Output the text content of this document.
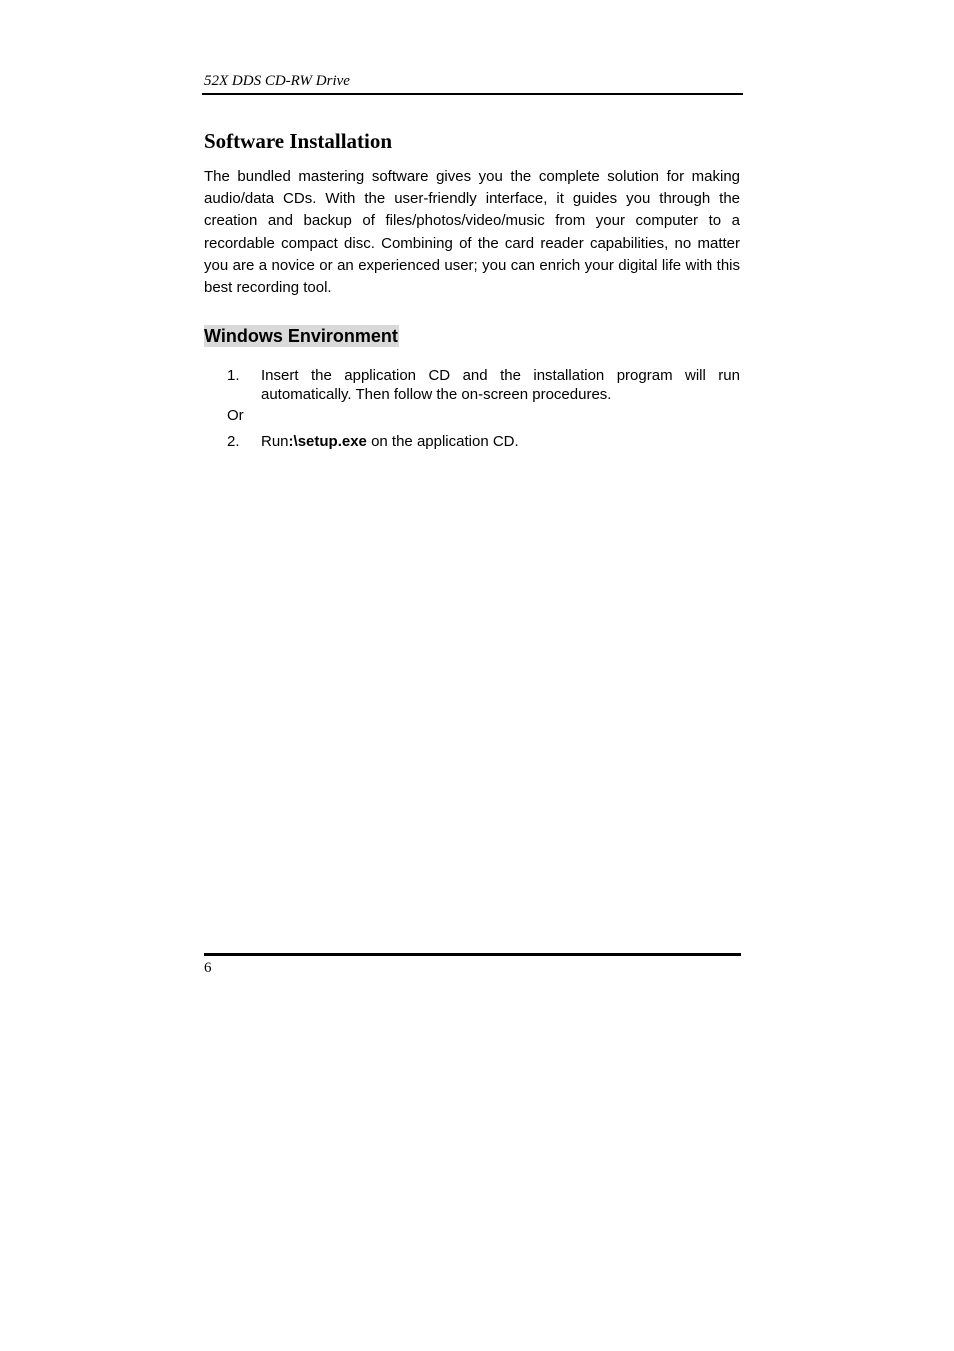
52X DDS CD-RW Drive
Software Installation

The bundled mastering software gives you the complete solution for making audio/data CDs. With the user-friendly interface, it guides you through the creation and backup of files/photos/video/music from your computer to a recordable compact disc. Combining of the card reader capabilities, no matter you are a novice or an experienced user; you can enrich your digital life with this best recording tool.

Windows Environment
1. Insert the application CD and the installation program will run
automatically. Then follow the on-screen procedures.
Or
2. Run:\setup.exe on the application CD.
6
